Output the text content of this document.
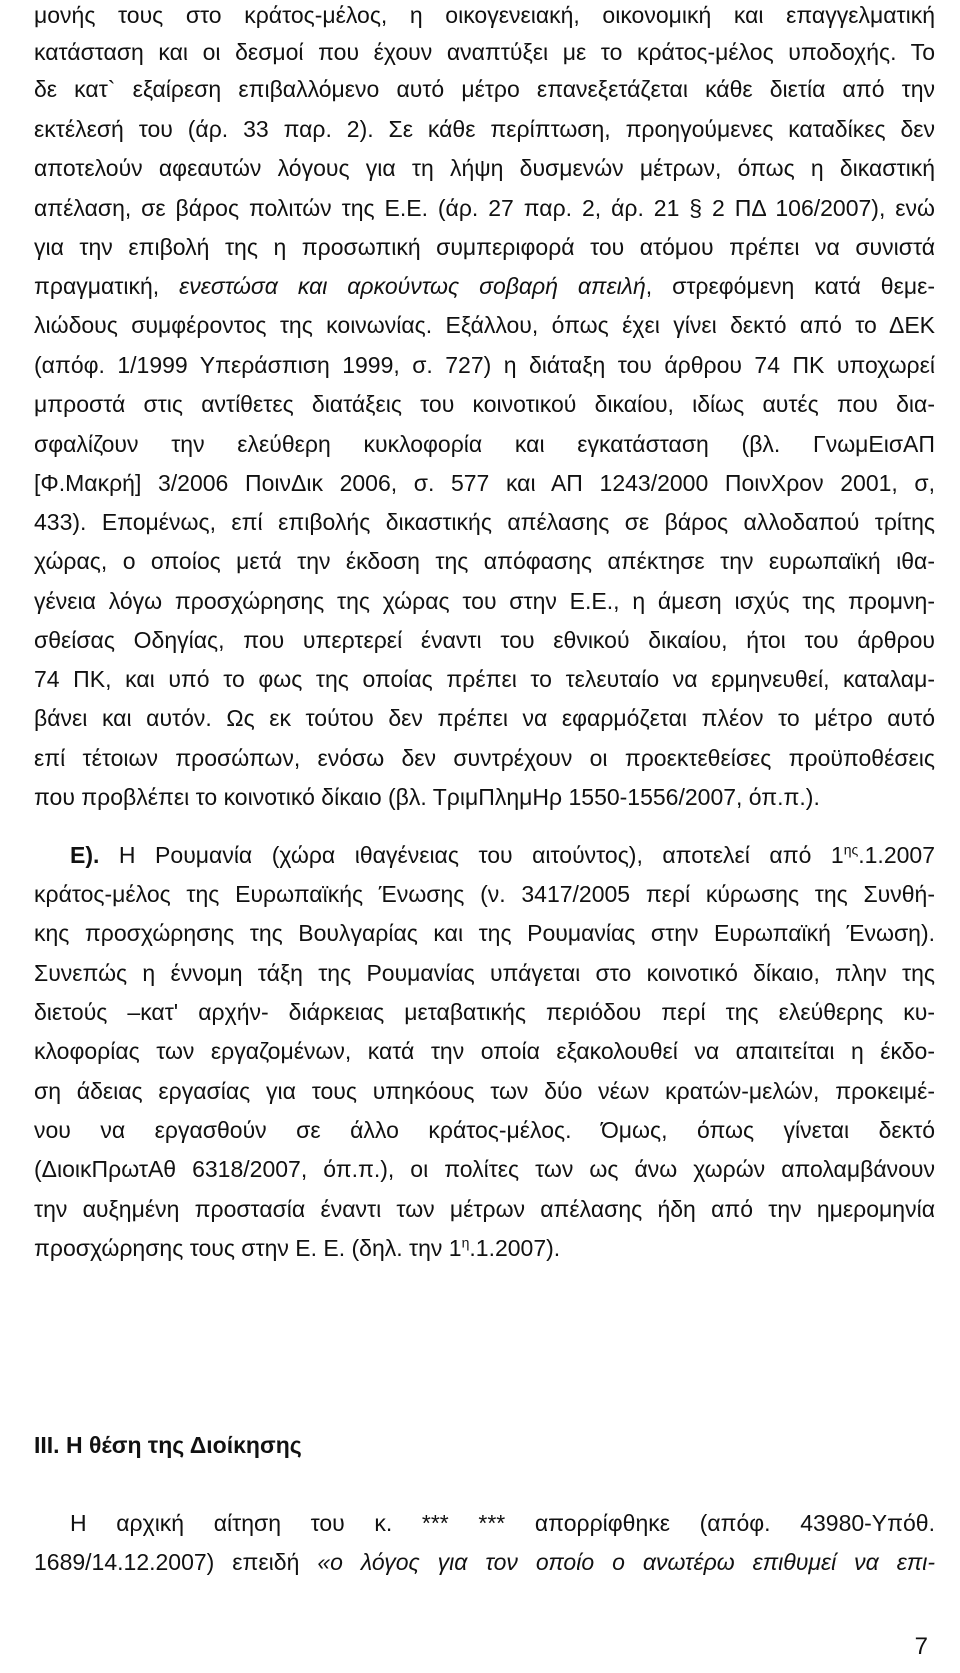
μονής τους στο κράτος-μέλος, η οικογενειακή, οικονομική και επαγγελματική
κατάσταση και οι δεσμοί που έχουν αναπτύξει με το κράτος-μέλος υποδοχής. Το
δε κατ` εξαίρεση επιβαλλόμενο αυτό μέτρο επανεξετάζεται κάθε διετία από την
εκτέλεσή του (άρ. 33 παρ. 2). Σε κάθε περίπτωση, προηγούμενες καταδίκες δεν
αποτελούν αφεαυτών λόγους για τη λήψη δυσμενών μέτρων, όπως η δικαστική
απέλαση, σε βάρος πολιτών της Ε.Ε. (άρ. 27 παρ. 2, άρ. 21 § 2 ΠΔ 106/2007), ενώ
για την επιβολή της η προσωπική συμπεριφορά του ατόμου πρέπει να συνιστά
πραγματική, ενεστώσα και αρκούντως σοβαρή απειλή, στρεφόμενη κατά θεμε-
λιώδους συμφέροντος της κοινωνίας. Εξάλλου, όπως έχει γίνει δεκτό από το ΔΕΚ
(απόφ. 1/1999 Υπεράσπιση 1999, σ. 727) η διάταξη του άρθρου 74 ΠΚ υποχωρεί
μπροστά στις αντίθετες διατάξεις του κοινοτικού δικαίου, ιδίως αυτές που δια-
σφαλίζουν την ελεύθερη κυκλοφορία και εγκατάσταση (βλ. ΓνωμΕισΑΠ
[Φ.Μακρή] 3/2006 ΠοινΔικ 2006, σ. 577 και ΑΠ 1243/2000 ΠοινΧρον 2001, σ,
433). Επομένως, επί επιβολής δικαστικής απέλασης σε βάρος αλλοδαπού τρίτης
χώρας, ο οποίος μετά την έκδοση της απόφασης απέκτησε την ευρωπαϊκή ιθα-
γένεια λόγω προσχώρησης της χώρας του στην Ε.Ε., η άμεση ισχύς της προμνη-
σθείσας Οδηγίας, που υπερτερεί έναντι του εθνικού δικαίου, ήτοι του άρθρου
74 ΠΚ, και υπό το φως της οποίας πρέπει το τελευταίο να ερμηνευθεί, καταλαμ-
βάνει και αυτόν. Ως εκ τούτου δεν πρέπει να εφαρμόζεται πλέον το μέτρο αυτό
επί τέτοιων προσώπων, ενόσω δεν συντρέχουν οι προεκτεθείσες προϋποθέσεις
που προβλέπει το κοινοτικό δίκαιο (βλ. ΤριμΠλημΗρ 1550-1556/2007, όπ.π.).
Ε). Η Ρουμανία (χώρα ιθαγένειας του αιτούντος), αποτελεί από $1^{\eta\varsigma}.1.2007$
κράτος-μέλος της Ευρωπαϊκής Ένωσης (ν. 3417/2005 περί κύρωσης της Συνθή-
κης προσχώρησης της Βουλγαρίας και της Ρουμανίας στην Ευρωπαϊκή Ένωση).
Συνεπώς η έννομη τάξη της Ρουμανίας υπάγεται στο κοινοτικό δίκαιο, πλην της
διετούς –κατ' αρχήν- διάρκειας μεταβατικής περιόδου περί της ελεύθερης κυ-
κλοφορίας των εργαζομένων, κατά την οποία εξακολουθεί να απαιτείται η έκδο-
ση άδειας εργασίας για τους υπηκόους των δύο νέων κρατών-μελών, προκειμέ-
νου να εργασθούν σε άλλο κράτος-μέλος. Όμως, όπως γίνεται δεκτό
(ΔιοικΠρωτΑθ 6318/2007, όπ.π.), οι πολίτες των ως άνω χωρών απολαμβάνουν
την αυξημένη προστασία έναντι των μέτρων απέλασης ήδη από την ημερομηνία
προσχώρησης τους στην Ε. Ε. (δηλ. την $1^\eta.1.2007$).
ΙΙΙ. Η θέση της Διοίκησης
Η αρχική αίτηση του κ. *** *** απορρίφθηκε (απόφ. 43980-Υπόθ.
1689/14.12.2007) επειδή «ο λόγος για τον οποίο ο ανωτέρω επιθυμεί να επι-
7
